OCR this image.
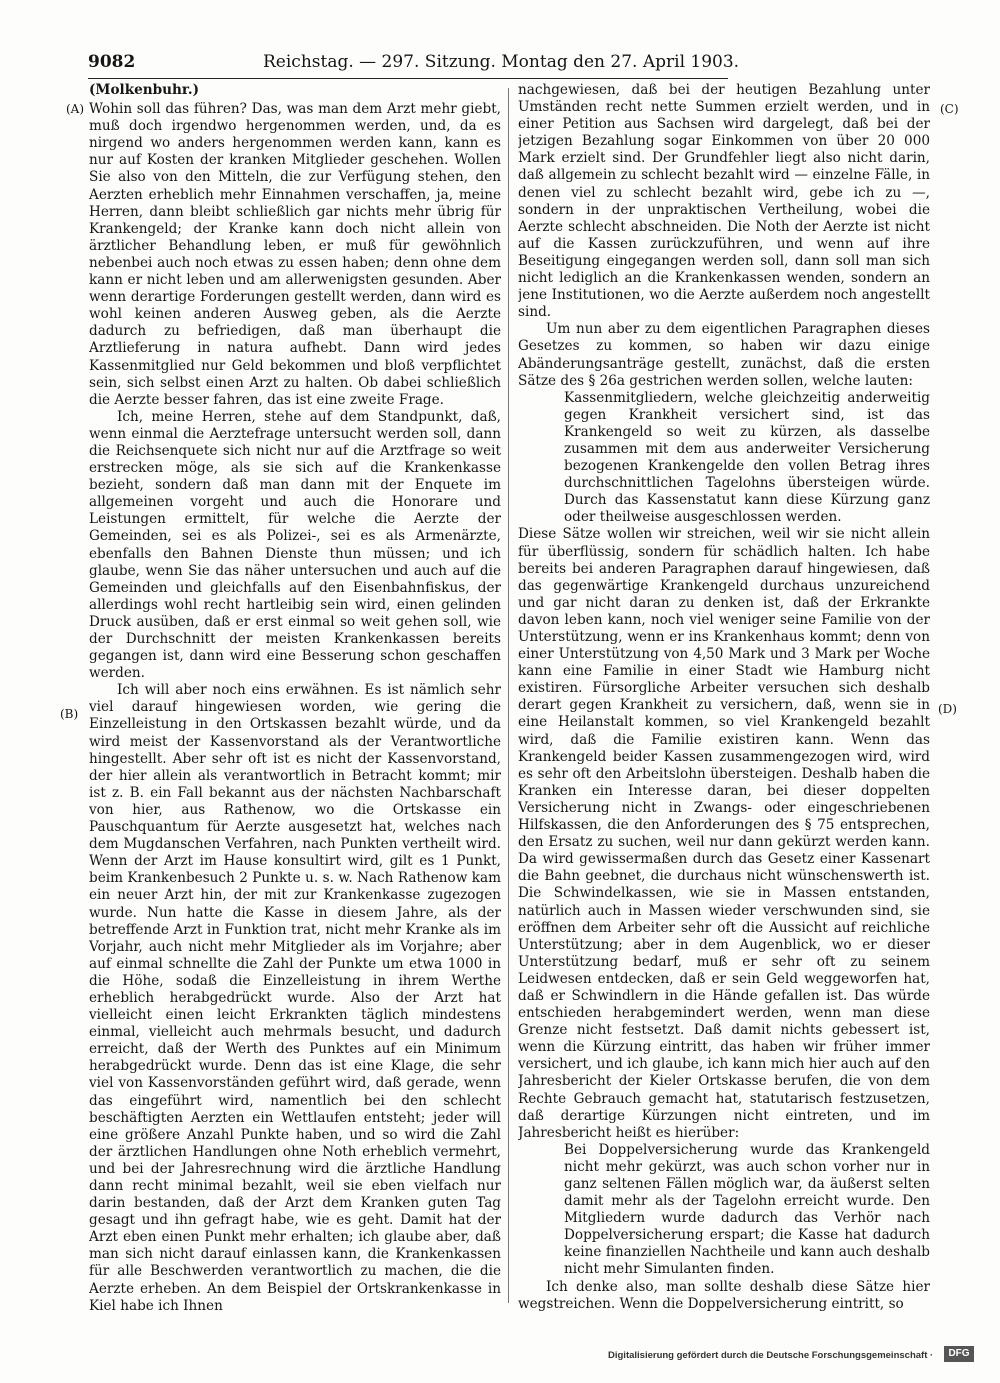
9082	Reichstag. — 297. Sitzung. Montag den 27. April 1903.
(A)
(B)
(C)
(D)

(Molkenbuhr.)

Wohin soll das führen? Das, was man dem Arzt mehr giebt, muß doch irgendwo hergenommen werden, und, da es nirgend wo anders hergenommen werden kann, kann es nur auf Kosten der kranken Mitglieder geschehen. Wollen Sie also von den Mitteln, die zur Verfügung stehen, den Aerzten erheblich mehr Einnahmen verschaffen, ja, meine Herren, dann bleibt schließlich gar nichts mehr übrig für Krankengeld; der Kranke kann doch nicht allein von ärztlicher Behandlung leben, er muß für gewöhnlich nebenbei auch noch etwas zu essen haben; denn ohne dem kann er nicht leben und am allerwenigsten gesunden. Aber wenn derartige Forderungen gestellt werden, dann wird es wohl keinen anderen Ausweg geben, als die Aerzte dadurch zu befriedigen, daß man überhaupt die Arztlieferung in natura aufhebt. Dann wird jedes Kassenmitglied nur Geld bekommen und bloß verpflichtet sein, sich selbst einen Arzt zu halten. Ob dabei schließlich die Aerzte besser fahren, das ist eine zweite Frage.

Ich, meine Herren, stehe auf dem Standpunkt, daß, wenn einmal die Aerztefrage untersucht werden soll, dann die Reichsenquete sich nicht nur auf die Arztfrage so weit erstrecken möge, als sie sich auf die Krankenkasse bezieht, sondern daß man dann mit der Enquete im allgemeinen vorgeht und auch die Honorare und Leistungen ermittelt, für welche die Aerzte der Gemeinden, sei es als Polizei-, sei es als Armenärzte, ebenfalls den Bahnen Dienste thun müssen; und ich glaube, wenn Sie das näher untersuchen und auch auf die Gemeinden und gleichfalls auf den Eisenbahnfiskus, der allerdings wohl recht hartleibig sein wird, einen gelinden Druck ausüben, daß er erst einmal so weit gehen soll, wie der Durchschnitt der meisten Krankenkassen bereits gegangen ist, dann wird eine Besserung schon geschaffen werden.

Ich will aber noch eins erwähnen. Es ist nämlich sehr viel darauf hingewiesen worden, wie gering die Einzelleistung in den Ortskassen bezahlt würde, und da wird meist der Kassenvorstand als der Verantwortliche hingestellt. Aber sehr oft ist es nicht der Kassenvorstand, der hier allein als verantwortlich in Betracht kommt; mir ist z. B. ein Fall bekannt aus der nächsten Nachbarschaft von hier, aus Rathenow, wo die Ortskasse ein Pauschquantum für Aerzte ausgesetzt hat, welches nach dem Mugdanschen Verfahren, nach Punkten vertheilt wird. Wenn der Arzt im Hause konsultirt wird, gilt es 1 Punkt, beim Krankenbesuch 2 Punkte u. s. w. Nach Rathenow kam ein neuer Arzt hin, der mit zur Krankenkasse zugezogen wurde. Nun hatte die Kasse in diesem Jahre, als der betreffende Arzt in Funktion trat, nicht mehr Kranke als im Vorjahr, auch nicht mehr Mitglieder als im Vorjahre; aber auf einmal schnellte die Zahl der Punkte um etwa 1000 in die Höhe, sodaß die Einzelleistung in ihrem Werthe erheblich herabgedrückt wurde. Also der Arzt hat vielleicht einen leicht Erkrankten täglich mindestens einmal, vielleicht auch mehrmals besucht, und dadurch erreicht, daß der Werth des Punktes auf ein Minimum herabgedrückt wurde. Denn das ist eine Klage, die sehr viel von Kassenvorständen geführt wird, daß gerade, wenn das eingeführt wird, namentlich bei den schlecht beschäftigten Aerzten ein Wettlaufen entsteht; jeder will eine größere Anzahl Punkte haben, und so wird die Zahl der ärztlichen Handlungen ohne Noth erheblich vermehrt, und bei der Jahresrechnung wird die ärztliche Handlung dann recht minimal bezahlt, weil sie eben vielfach nur darin bestanden, daß der Arzt dem Kranken guten Tag gesagt und ihn gefragt habe, wie es geht. Damit hat der Arzt eben einen Punkt mehr erhalten; ich glaube aber, daß man sich nicht darauf einlassen kann, die Krankenkassen für alle Beschwerden verantwortlich zu machen, die die Aerzte erheben. An dem Beispiel der Ortskrankenkasse in Kiel habe ich Ihnen

nachgewiesen, daß bei der heutigen Bezahlung unter Umständen recht nette Summen erzielt werden, und in einer Petition aus Sachsen wird dargelegt, daß bei der jetzigen Bezahlung sogar Einkommen von über 20 000 Mark erzielt sind. Der Grundfehler liegt also nicht darin, daß allgemein zu schlecht bezahlt wird — einzelne Fälle, in denen viel zu schlecht bezahlt wird, gebe ich zu —, sondern in der unpraktischen Vertheilung, wobei die Aerzte schlecht abschneiden. Die Noth der Aerzte ist nicht auf die Kassen zurückzuführen, und wenn auf ihre Beseitigung eingegangen werden soll, dann soll man sich nicht lediglich an die Krankenkassen wenden, sondern an jene Institutionen, wo die Aerzte außerdem noch angestellt sind.

Um nun aber zu dem eigentlichen Paragraphen dieses Gesetzes zu kommen, so haben wir dazu einige Abänderungsanträge gestellt, zunächst, daß die ersten Sätze des § 26a gestrichen werden sollen, welche lauten:

Kassenmitgliedern, welche gleichzeitig anderweitig gegen Krankheit versichert sind, ist das Krankengeld so weit zu kürzen, als dasselbe zusammen mit dem aus anderweiter Versicherung bezogenen Krankengelde den vollen Betrag ihres durchschnittlichen Tagelohns übersteigen würde. Durch das Kassenstatut kann diese Kürzung ganz oder theilweise ausgeschlossen werden.

Diese Sätze wollen wir streichen, weil wir sie nicht allein für überflüssig, sondern für schädlich halten. Ich habe bereits bei anderen Paragraphen darauf hingewiesen, daß das gegenwärtige Krankengeld durchaus unzureichend und gar nicht daran zu denken ist, daß der Erkrankte davon leben kann, noch viel weniger seine Familie von der Unterstützung, wenn er ins Krankenhaus kommt; denn von einer Unterstützung von 4,50 Mark und 3 Mark per Woche kann eine Familie in einer Stadt wie Hamburg nicht existiren. Fürsorgliche Arbeiter versuchen sich deshalb derart gegen Krankheit zu versichern, daß, wenn sie in eine Heilanstalt kommen, so viel Krankengeld bezahlt wird, daß die Familie existiren kann. Wenn das Krankengeld beider Kassen zusammengezogen wird, wird es sehr oft den Arbeitslohn übersteigen. Deshalb haben die Kranken ein Interesse daran, bei dieser doppelten Versicherung nicht in Zwangs- oder eingeschriebenen Hilfskassen, die den Anforderungen des § 75 entsprechen, den Ersatz zu suchen, weil nur dann gekürzt werden kann. Da wird gewissermaßen durch das Gesetz einer Kassenart die Bahn geebnet, die durchaus nicht wünschenswerth ist. Die Schwindelkassen, wie sie in Massen entstanden, natürlich auch in Massen wieder verschwunden sind, sie eröffnen dem Arbeiter sehr oft die Aussicht auf reichliche Unterstützung; aber in dem Augenblick, wo er dieser Unterstützung bedarf, muß er sehr oft zu seinem Leidwesen entdecken, daß er sein Geld weggeworfen hat, daß er Schwindlern in die Hände gefallen ist. Das würde entschieden herabgemindert werden, wenn man diese Grenze nicht festsetzt. Daß damit nichts gebessert ist, wenn die Kürzung eintritt, das haben wir früher immer versichert, und ich glaube, ich kann mich hier auch auf den Jahresbericht der Kieler Ortskasse berufen, die von dem Rechte Gebrauch gemacht hat, statutarisch festzusetzen, daß derartige Kürzungen nicht eintreten, und im Jahresbericht heißt es hierüber:

Bei Doppelversicherung wurde das Krankengeld nicht mehr gekürzt, was auch schon vorher nur in ganz seltenen Fällen möglich war, da äußerst selten damit mehr als der Tagelohn erreicht wurde. Den Mitgliedern wurde dadurch das Verhör nach Doppelversicherung erspart; die Kasse hat dadurch keine finanziellen Nachtheile und kann auch deshalb nicht mehr Simulanten finden.

Ich denke also, man sollte deshalb diese Sätze hier wegstreichen. Wenn die Doppelversicherung eintritt, so

Digitalisierung gefördert durch die Deutsche Forschungsgemeinschaft ·	DFG
